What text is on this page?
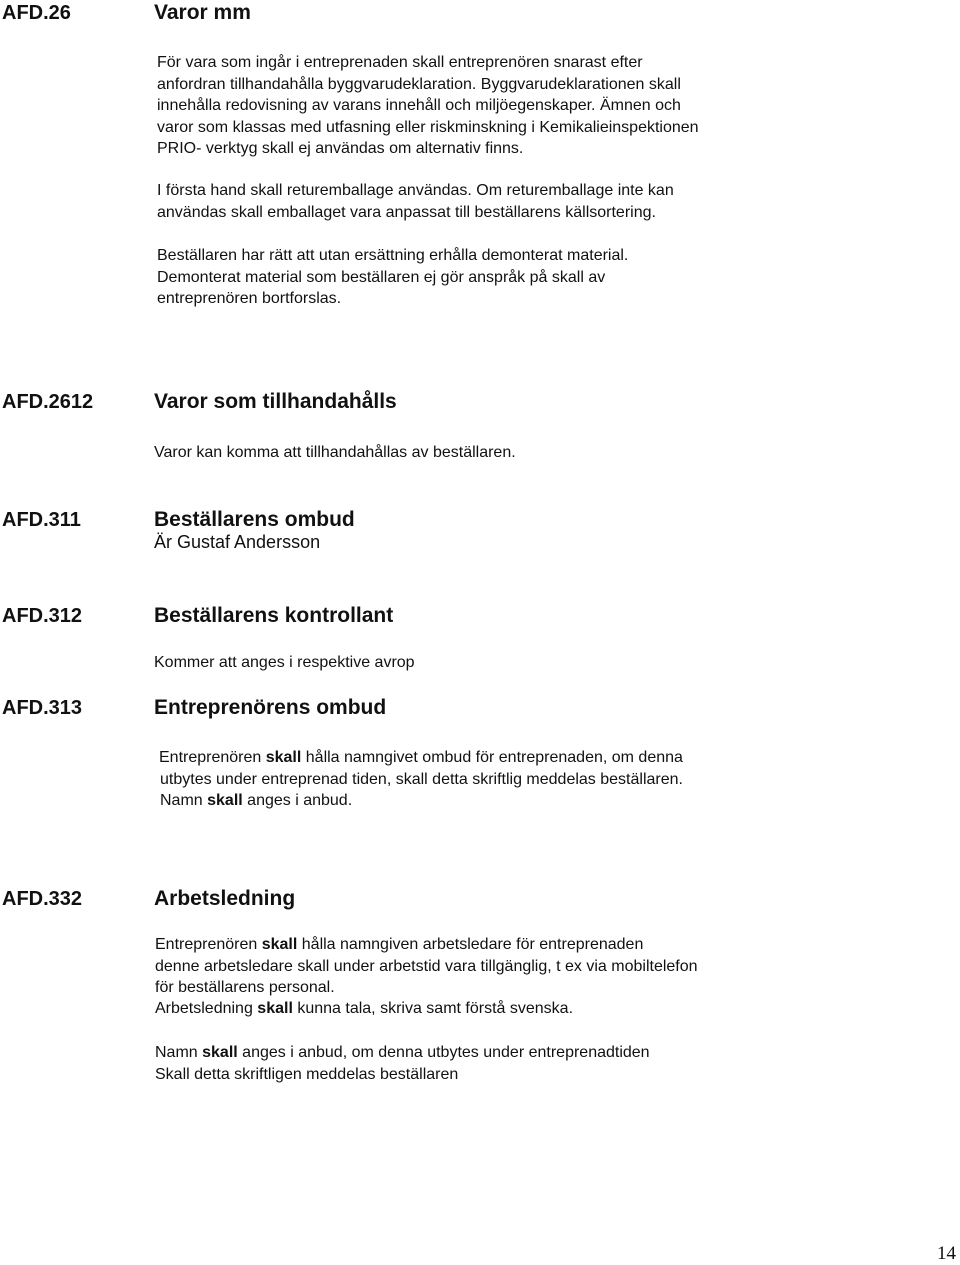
AFD.26	Varor mm
För vara som ingår i entreprenaden skall entreprenören snarast efter
anfordran tillhandahålla byggvarudeklaration. Byggvarudeklarationen skall
innehålla redovisning av varans innehåll och miljöegenskaper. Ämnen och
varor som klassas med utfasning eller riskminskning i Kemikalieinspektionen
PRIO- verktyg skall ej användas om alternativ finns.
I första hand skall returemballage användas. Om returemballage inte kan
användas skall emballaget vara anpassat till beställarens källsortering.
Beställaren har rätt att utan ersättning erhålla demonterat material.
Demonterat material som beställaren ej gör anspråk på skall av
entreprenören bortforslas.
AFD.2612	Varor som tillhandahålls
Varor kan komma att tillhandahållas av beställaren.
AFD.311	Beställarens ombud
Är Gustaf Andersson
AFD.312	Beställarens kontrollant
Kommer att anges i respektive avrop
AFD.313	Entreprenörens ombud
Entreprenören skall hålla namngivet ombud för entreprenaden, om denna
utbytes under entreprenad tiden, skall detta skriftlig meddelas beställaren.
Namn skall anges i anbud.
AFD.332	Arbetsledning
Entreprenören skall hålla namngiven arbetsledare för entreprenaden
denne arbetsledare skall under arbetstid vara tillgänglig, t ex via mobiltelefon
för beställarens personal.
Arbetsledning skall kunna tala, skriva samt förstå svenska.
Namn skall anges i anbud, om denna utbytes under entreprenadtiden
Skall detta skriftligen meddelas beställaren
14
